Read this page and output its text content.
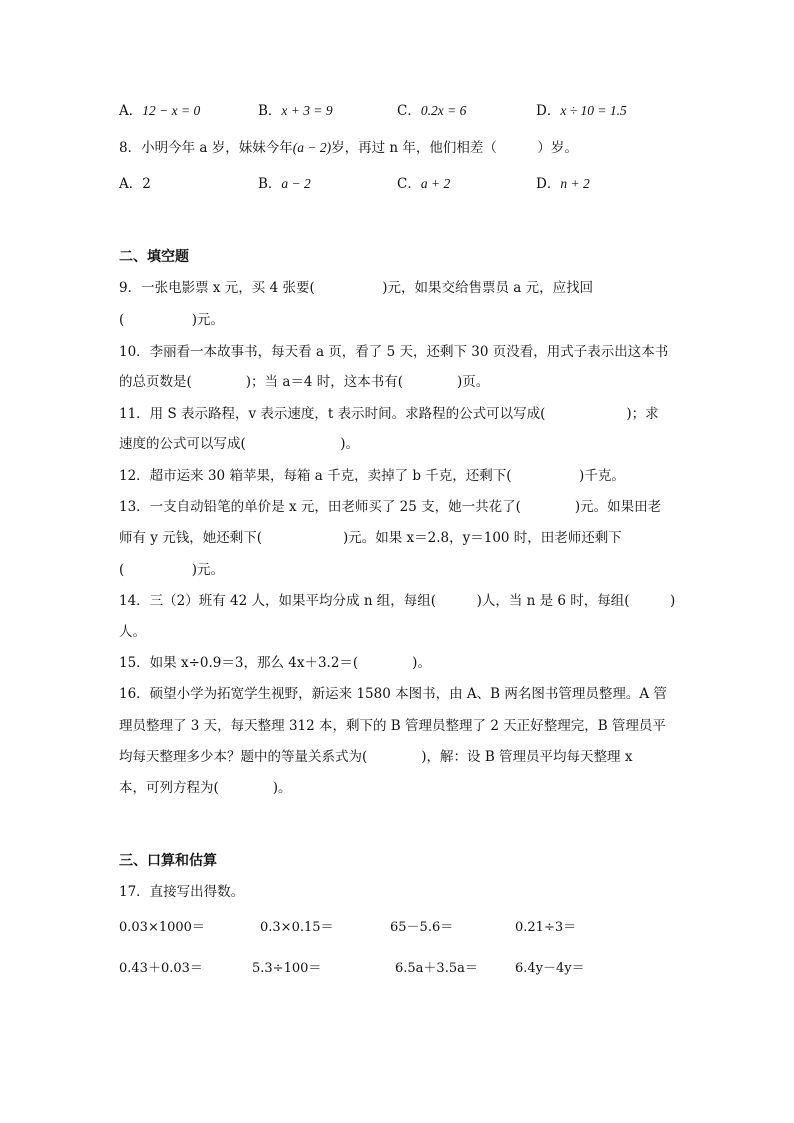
A．12 − x = 0	B．x + 3 = 9	C．0.2x = 6	D．x ÷ 10 = 1.5
8．小明今年 a 岁，妹妹今年(a − 2)岁，再过 n 年，他们相差（　　　）岁。
A．2	B．a − 2	C．a + 2	D．n + 2
二、填空题
9．一张电影票 x 元，买 4 张要(　　　　　)元，如果交给售票员 a 元，应找回
(　　　　　)元。
10．李丽看一本故事书，每天看 a 页，看了 5 天，还剩下 30 页没看，用式子表示出这本书
的总页数是(　　　　)；当 a＝4 时，这本书有(　　　　)页。
11．用 S 表示路程，v 表示速度，t 表示时间。求路程的公式可以写成(　　　　　　)；求
速度的公式可以写成(　　　　　　　)。
12．超市运来 30 箱苹果，每箱 a 千克，卖掉了 b 千克，还剩下(　　　　　)千克。
13．一支自动铅笔的单价是 x 元，田老师买了 25 支，她一共花了(　　　　)元。如果田老
师有 y 元钱，她还剩下(　　　　　　)元。如果 x＝2.8，y＝100 时，田老师还剩下
(　　　　　)元。
14．三（2）班有 42 人，如果平均分成 n 组，每组(　　　)人，当 n 是 6 时，每组(　　　)
人。
15．如果 x÷0.9＝3，那么 4x＋3.2＝(　　　　)。
16．硕望小学为拓宽学生视野，新运来 1580 本图书，由 A、B 两名图书管理员整理。A 管
理员整理了 3 天，每天整理 312 本，剩下的 B 管理员整理了 2 天正好整理完，B 管理员平
均每天整理多少本？题中的等量关系式为(　　　　)，解：设 B 管理员平均每天整理 x
本，可列方程为(　　　　)。
三、口算和估算
17．直接写出得数。
0.03×1000＝	0.3×0.15＝	65－5.6＝	0.21÷3＝
0.43＋0.03＝	5.3÷100＝	6.5a＋3.5a＝	6.4y－4y＝
